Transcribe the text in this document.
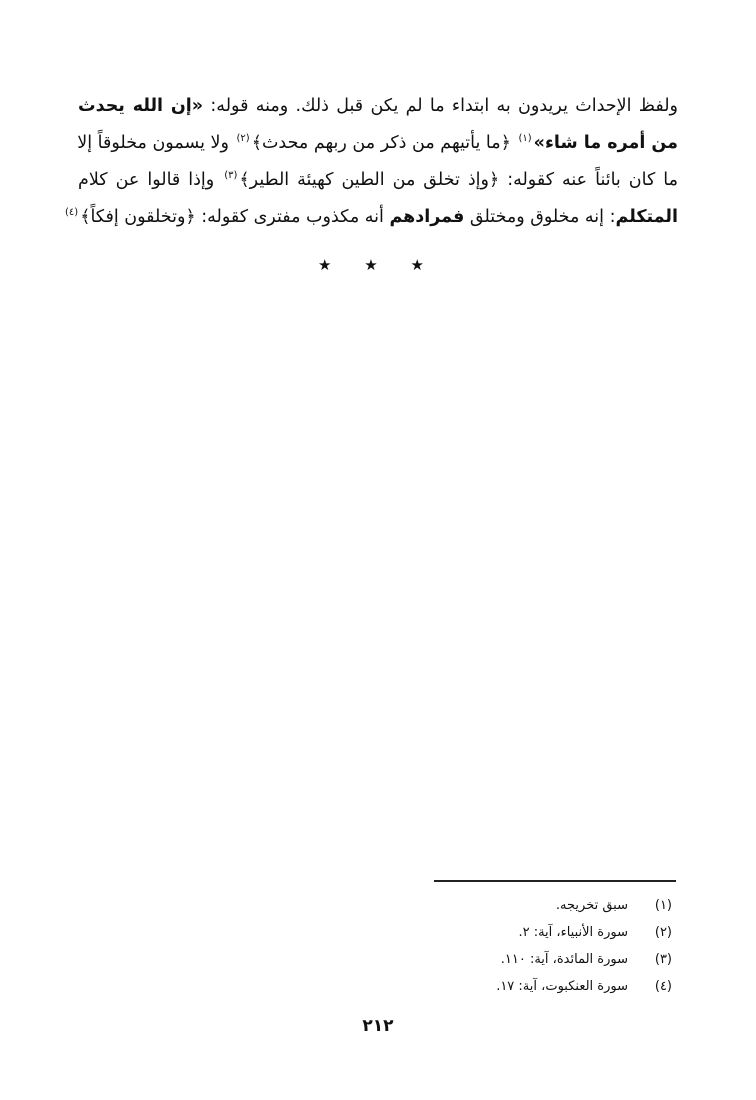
ولفظ الإحداث يريدون به ابتداء ما لم يكن قبل ذلك. ومنه قوله: «إن الله يحدث
من أمره ما شاء»$^{(١)}$ ﴿ما يأتيهم من ذكر من ربهم محدث﴾$^{(٢)}$ ولا يسمون مخلوقاً إلا
ما كان بائناً عنه كقوله: ﴿وإذ تخلق من الطين كهيئة الطير﴾$^{(٣)}$ وإذا قالوا عن كلام
المتكلم: إنه مخلوق ومختلق فمرادهم أنه مكذوب مفترى كقوله: ﴿وتخلقون إفكاً﴾$^{(٤)}$
★ ★ ★
(١)سبق تخريجه.
(٢)سورة الأنبياء، آية: ٢.
(٣)سورة المائدة، آية: ١١٠.
(٤)سورة العنكبوت، آية: ١٧.
٢١٢
